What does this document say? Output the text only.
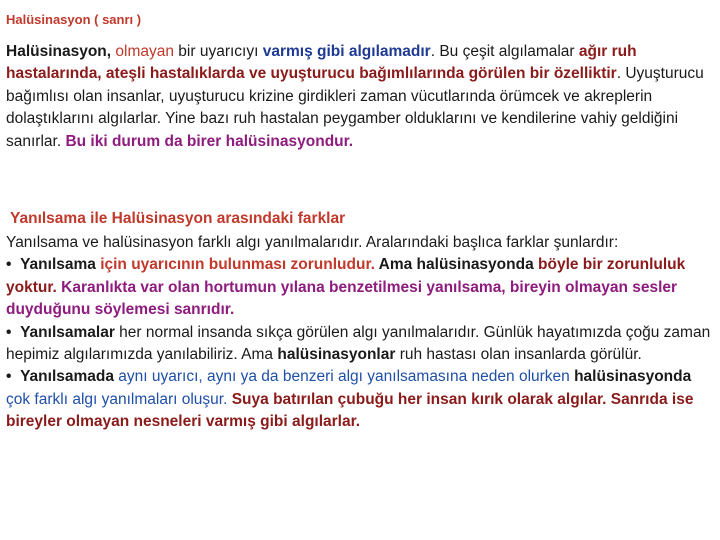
Halüsinasyon ( sanrı )

Halüsinasyon, olmayan bir uyarıcıyı varmış gibi algılamadır. Bu çeşit algılamalar ağır ruh hastalarında, ateşli hastalıklarda ve uyuşturucu bağımlılarında görülen bir özelliktir. Uyuşturucu bağımlısı olan insanlar, uyuşturucu krizine girdikleri zaman vücutlarında örümcek ve akreplerin dolaştıklarını algılarlar. Yine bazı ruh hastalan peygamber olduklarını ve kendilerine vahiy geldiğini sanırlar. Bu iki durum da birer halüsinasyondur.

Yanılsama ile Halüsinasyon arasındaki farklar

Yanılsama ve halüsinasyon farklı algı yanılmalarıdır. Aralarındaki başlıca farklar şunlardır:
• Yanılsama için uyarıcının bulunması zorunludur. Ama halüsinasyonda böyle bir zorunluluk yoktur. Karanlıkta var olan hortumun yılana benzetilmesi yanılsama, bireyin olmayan sesler duyduğunu söylemesi sanrıdır.
• Yanılsamalar her normal insanda sıkça görülen algı yanılmalarıdır. Günlük hayatımızda çoğu zaman hepimiz algılarımızda yanılabiliriz. Ama halüsinasyonlar ruh hastası olan insanlarda görülür.
• Yanılsamada aynı uyarıcı, aynı ya da benzeri algı yanılsamasına neden olurken halüsinasyonda çok farklı algı yanılmaları oluşur. Suya batırılan çubuğu her insan kırık olarak algılar. Sanrıda ise bireyler olmayan nesneleri varmış gibi algılarlar.
